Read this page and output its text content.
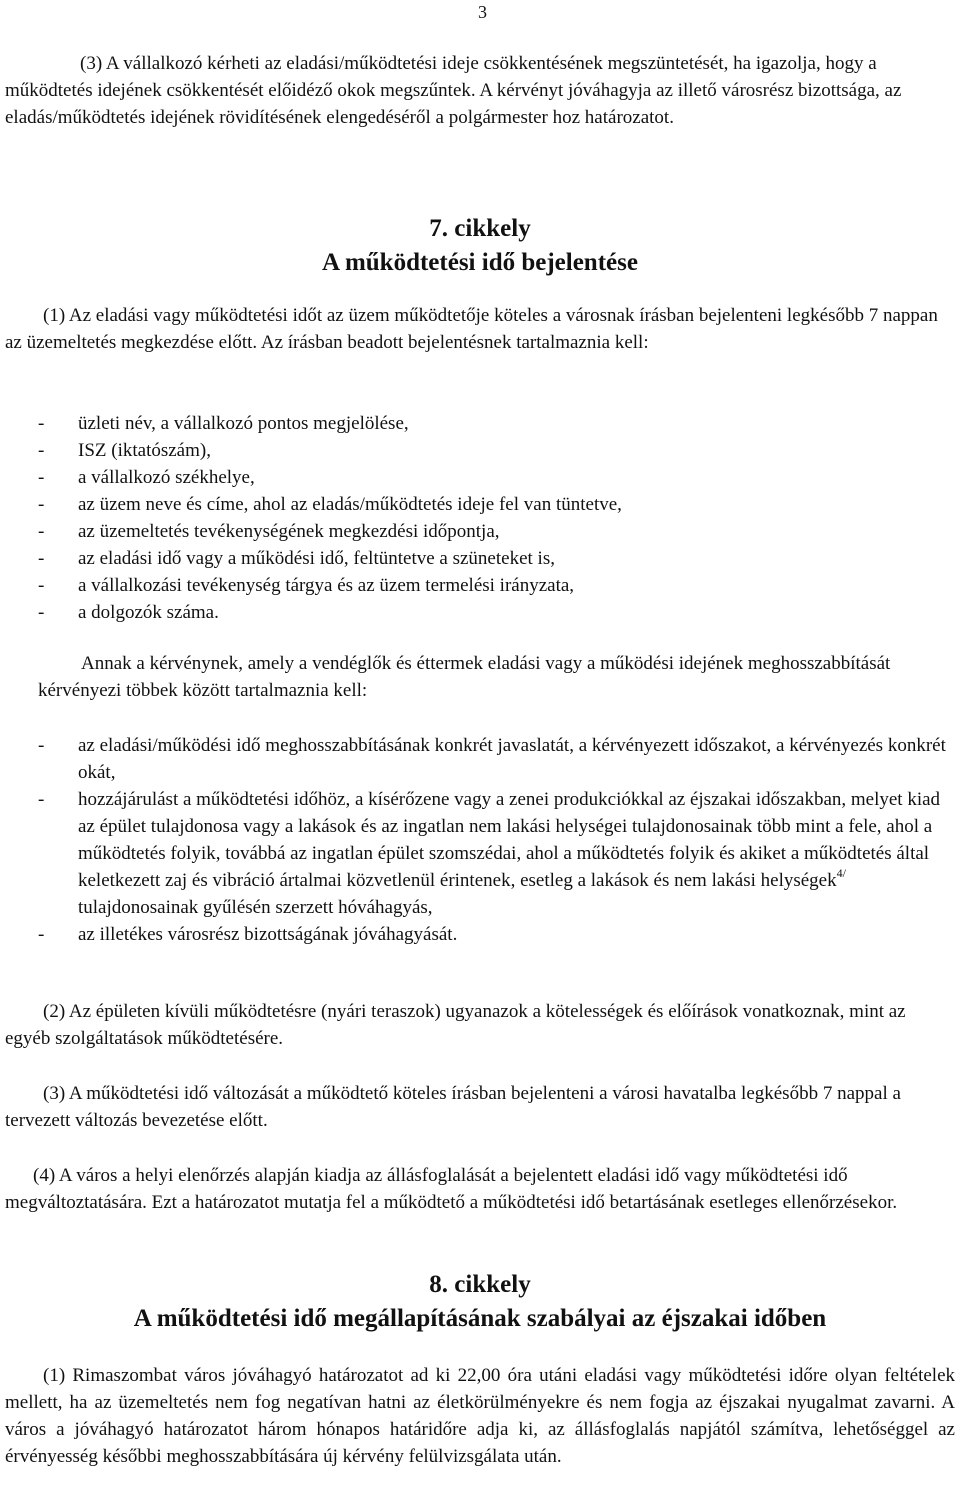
3

(3) A vállalkozó kérheti az eladási/működtetési ideje csökkentésének megszüntetését, ha igazolja, hogy a működtetés idejének csökkentését előidéző okok megszűntek. A kérvényt jóváhagyja az illető városrész bizottsága, az eladás/működtetés idejének rövidítésének elengedéséről a polgármester hoz határozatot.

7. cikkely
A működtetési idő bejelentése

(1) Az eladási vagy működtetési időt az üzem működtetője köteles a városnak írásban bejelenteni legkésőbb 7 nappan az üzemeltetés megkezdése előtt. Az írásban beadott bejelentésnek tartalmaznia kell:

-	üzleti név, a vállalkozó pontos megjelölése,
-	ISZ (iktatószám),
-	a vállalkozó székhelye,
-	az üzem neve és címe, ahol az eladás/működtetés ideje fel van tüntetve,
-	az üzemeltetés tevékenységének megkezdési időpontja,
-	az eladási idő vagy a működési idő, feltüntetve a szüneteket is,
-	a vállalkozási tevékenység tárgya és az üzem termelési irányzata,
-	a dolgozók száma.

Annak a kérvénynek, amely a vendéglők és éttermek eladási vagy a működési idejének meghosszabbítását kérvényezi többek között tartalmaznia kell:

-	az eladási/működési idő meghosszabbításának konkrét javaslatát, a kérvényezett időszakot, a kérvényezés konkrét okát,
-	hozzájárulást a működtetési időhöz, a kísérőzene vagy a zenei produkciókkal az éjszakai időszakban, melyet kiad az épület tulajdonosa vagy a lakások és az ingatlan nem lakási helységei tulajdonosainak több mint a fele, ahol a működtetés folyik, továbbá az ingatlan épület szomszédai, ahol a működtetés folyik és akiket a működtetés által keletkezett zaj és vibráció ártalmai közvetlenül érintenek, esetleg a lakások és nem lakási helységek$^{4/}$ tulajdonosainak gyűlésén szerzett hóváhagyás,
-	az illetékes városrész bizottságának jóváhagyását.

(2) Az épületen kívüli működtetésre (nyári teraszok) ugyanazok a kötelességek és előírások vonatkoznak, mint az egyéb szolgáltatások működtetésére.

(3) A működtetési idő változását a működtető köteles írásban bejelenteni a városi havatalba legkésőbb 7 nappal a tervezett változás bevezetése előtt.

(4) A város a helyi elenőrzés alapján kiadja az állásfoglalását a bejelentett eladási idő vagy működtetési idő megváltoztatására. Ezt a határozatot mutatja fel a működtető a működtetési idő betartásának esetleges ellenőrzésekor.

8. cikkely
A működtetési idő megállapításának szabályai az éjszakai időben

(1) Rimaszombat város jóváhagyó határozatot ad ki 22,00 óra utáni eladási vagy működtetési időre olyan feltételek mellett, ha az üzemeltetés nem fog negatívan hatni az életkörülményekre és nem fogja az éjszakai nyugalmat zavarni. A város a jóváhagyó határozatot három hónapos határidőre adja ki, az állásfoglalás napjától számítva, lehetőséggel az érvényesség későbbi meghosszabbítására új kérvény felülvizsgálata után.
